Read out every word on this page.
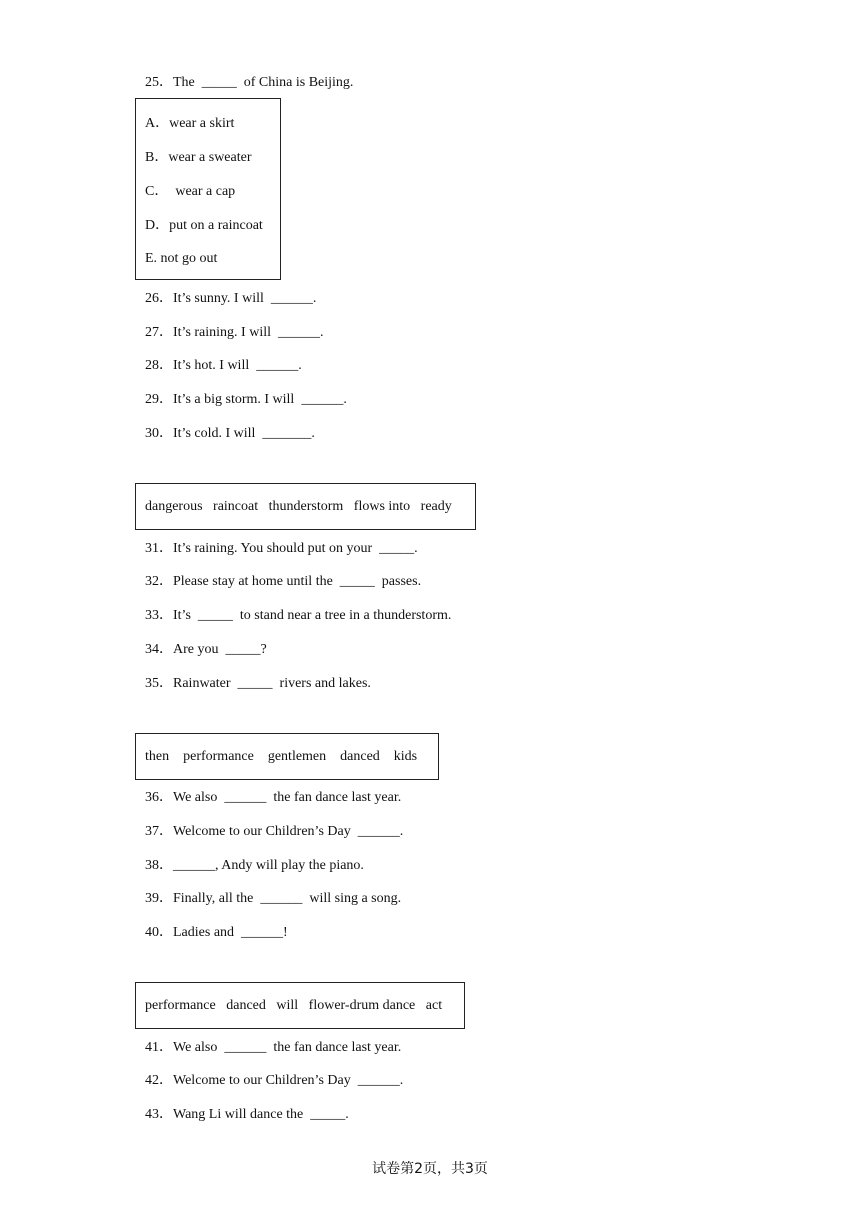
25．The  _____  of China is Beijing.
A．wear a skirt
B．wear a sweater
C．  wear a cap
D．put on a raincoat
E. not go out
26．It’s sunny. I will  ______.
27．It’s raining. I will  ______.
28．It’s hot. I will  ______.
29．It’s a big storm. I will  ______.
30．It’s cold. I will  _______.
dangerous   raincoat   thunderstorm   flows into   ready
31．It’s raining. You should put on your  _____.
32．Please stay at home until the  _____  passes.
33．It’s  _____  to stand near a tree in a thunderstorm.
34．Are you  _____?
35．Rainwater  _____  rivers and lakes.
then    performance    gentlemen    danced    kids
36．We also  ______  the fan dance last year.
37．Welcome to our Children’s Day  ______.
38．______, Andy will play the piano.
39．Finally, all the  ______  will sing a song.
40．Ladies and  ______!
performance   danced   will   flower-drum dance   act
41．We also  ______  the fan dance last year.
42．Welcome to our Children’s Day  ______.
43．Wang Li will dance the  _____.
试卷第2页，共3页
